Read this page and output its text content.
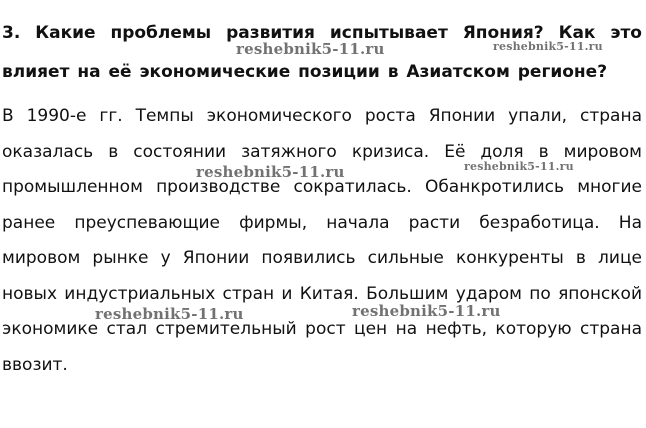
3. Какие проблемы развития испытывает Япония? Как это влияет на её экономические позиции в Азиатском регионе?

В 1990-е гг. Темпы экономического роста Японии упали, страна оказалась в состоянии затяжного кризиса. Её доля в мировом промышленном производстве сократилась. Обанкротились многие ранее преуспевающие фирмы, начала расти безработица. На мировом рынке у Японии появились сильные конкуренты в лице новых индустриальных стран и Китая. Большим ударом по японской экономике стал стремительный рост цен на нефть, которую страна ввозит.

reshebnik5-11.ru	reshebnik5-11.ru
reshebnik5-11.ru	reshebnik5-11.ru
reshebnik5-11.ru	reshebnik5-11.ru
